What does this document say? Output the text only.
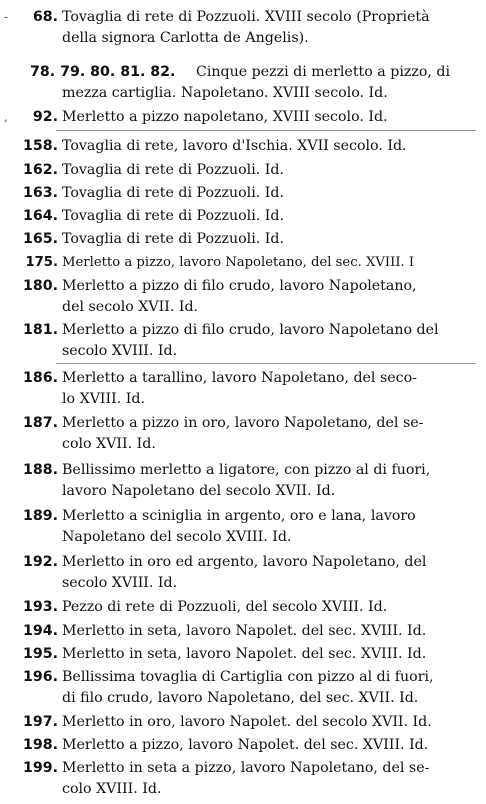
- 68. Tovaglia di rete di Pozzuoli. XVIII secolo (Proprietà
della signora Carlotta de Angelis).
78. 79. 80. 81. 82. Cinque pezzi di merletto a pizzo, di
mezza cartiglia. Napoletano. XVIII secolo. Id.
, 92. Merletto a pizzo napoletano, XVIII secolo. Id.
158. Tovaglia di rete, lavoro d'Ischia. XVII secolo. Id.
162. Tovaglia di rete di Pozzuoli. Id.
163. Tovaglia di rete di Pozzuoli. Id.
164. Tovaglia di rete di Pozzuoli. Id.
165. Tovaglia di rete di Pozzuoli. Id.
175. Merletto a pizzo, lavoro Napoletano, del sec. XVIII. I
180. Merletto a pizzo di filo crudo, lavoro Napoletano,
del secolo XVII. Id.
181. Merletto a pizzo di filo crudo, lavoro Napoletano del
secolo XVIII. Id.
186. Merletto a tarallino, lavoro Napoletano, del seco-
lo XVIII. Id.
187. Merletto a pizzo in oro, lavoro Napoletano, del se-
colo XVII. Id.
188. Bellissimo merletto a ligatore, con pizzo al di fuori,
lavoro Napoletano del secolo XVII. Id.
189. Merletto a sciniglia in argento, oro e lana, lavoro
Napoletano del secolo XVIII. Id.
192. Merletto in oro ed argento, lavoro Napoletano, del
secolo XVIII. Id.
193. Pezzo di rete di Pozzuoli, del secolo XVIII. Id.
194. Merletto in seta, lavoro Napolet. del sec. XVIII. Id.
195. Merletto in seta, lavoro Napolet. del sec. XVIII. Id.
196. Bellissima tovaglia di Cartiglia con pizzo al di fuori,
di filo crudo, lavoro Napoletano, del sec. XVII. Id.
197. Merletto in oro, lavoro Napolet. del secolo XVII. Id.
198. Merletto a pizzo, lavoro Napolet. del sec. XVIII. Id.
199. Merletto in seta a pizzo, lavoro Napoletano, del se-
colo XVIII. Id.
